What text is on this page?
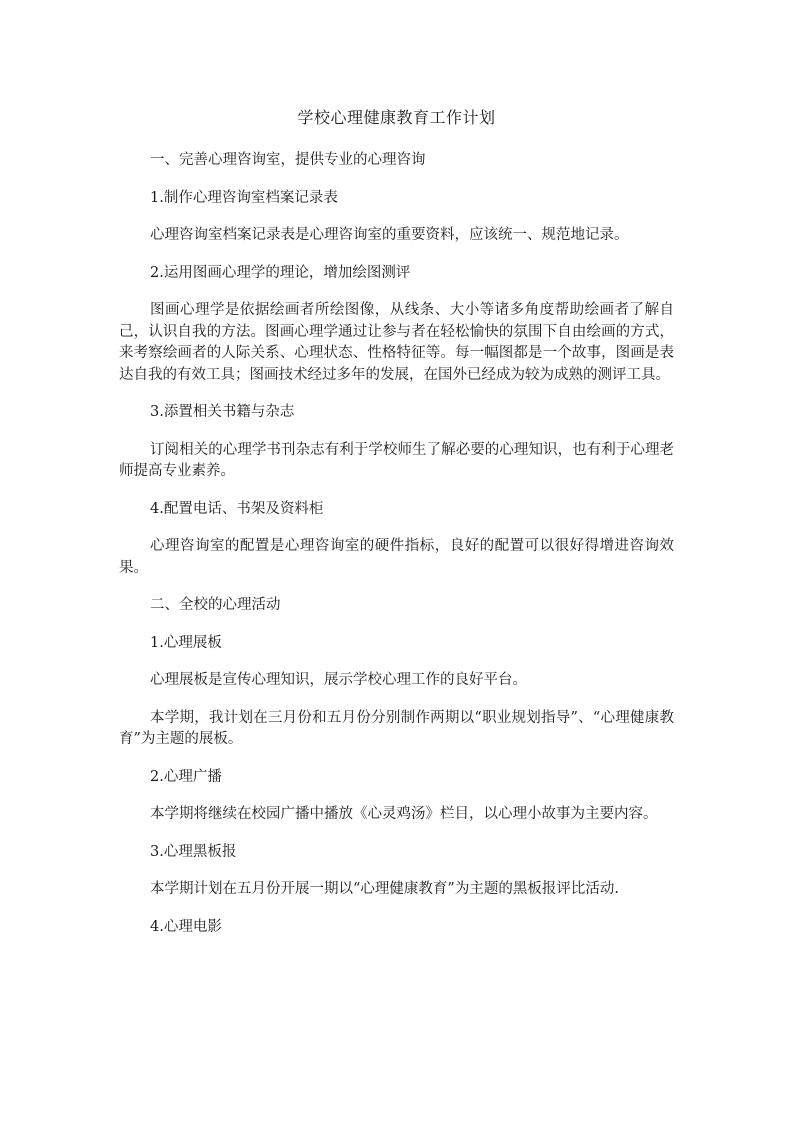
学校心理健康教育工作计划

一、完善心理咨询室，提供专业的心理咨询

1.制作心理咨询室档案记录表

心理咨询室档案记录表是心理咨询室的重要资料，应该统一、规范地记录。

2.运用图画心理学的理论，增加绘图测评

图画心理学是依据绘画者所绘图像，从线条、大小等诸多角度帮助绘画者了解自己，认识自我的方法。图画心理学通过让参与者在轻松愉快的氛围下自由绘画的方式，来考察绘画者的人际关系、心理状态、性格特征等。每一幅图都是一个故事，图画是表达自我的有效工具；图画技术经过多年的发展，在国外已经成为较为成熟的测评工具。

3.添置相关书籍与杂志

订阅相关的心理学书刊杂志有利于学校师生了解必要的心理知识，也有利于心理老师提高专业素养。

4.配置电话、书架及资料柜

心理咨询室的配置是心理咨询室的硬件指标，良好的配置可以很好得增进咨询效果。

二、全校的心理活动

1.心理展板

心理展板是宣传心理知识，展示学校心理工作的良好平台。

本学期，我计划在三月份和五月份分别制作两期以“职业规划指导”、“心理健康教育”为主题的展板。

2.心理广播

本学期将继续在校园广播中播放《心灵鸡汤》栏目，以心理小故事为主要内容。

3.心理黑板报

本学期计划在五月份开展一期以“心理健康教育”为主题的黑板报评比活动.

4.心理电影
